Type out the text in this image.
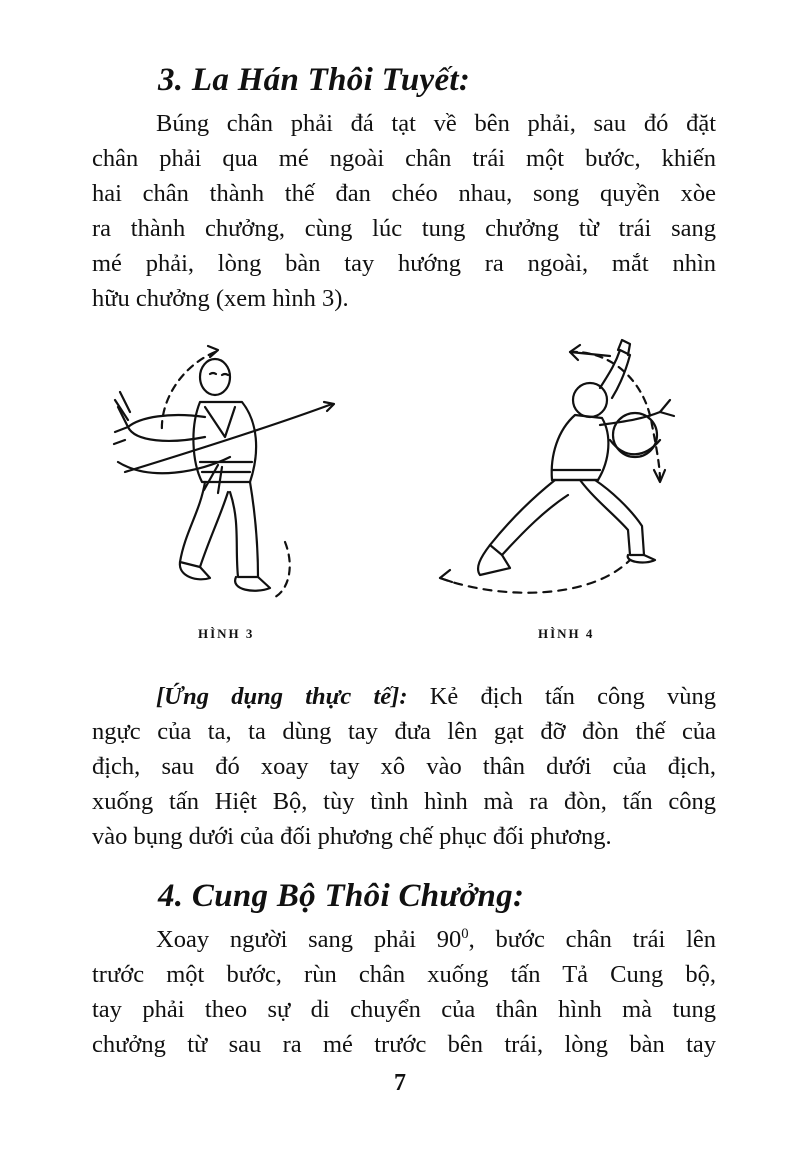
3. La Hán Thôi Tuyết:
Búng chân phải đá tạt về bên phải, sau đó đặt
chân phải qua mé ngoài chân trái một bước, khiến
hai chân thành thế đan chéo nhau, song quyền xòe
ra thành chưởng, cùng lúc tung chưởng từ trái sang
mé phải, lòng bàn tay hướng ra ngoài, mắt nhìn
hữu chưởng (xem hình 3).
HÌNH 3	HÌNH 4
[Ứng dụng thực tế]: Kẻ địch tấn công vùng
ngực của ta, ta dùng tay đưa lên gạt đỡ đòn thế của
địch, sau đó xoay tay xô vào thân dưới của địch,
xuống tấn Hiệt Bộ, tùy tình hình mà ra đòn, tấn công
vào bụng dưới của đối phương chế phục đối phương.
4. Cung Bộ Thôi Chưởng:
Xoay người sang phải $90^0$, bước chân trái lên
trước một bước, rùn chân xuống tấn Tả Cung bộ,
tay phải theo sự di chuyển của thân hình mà tung
chưởng từ sau ra mé trước bên trái, lòng bàn tay
7
